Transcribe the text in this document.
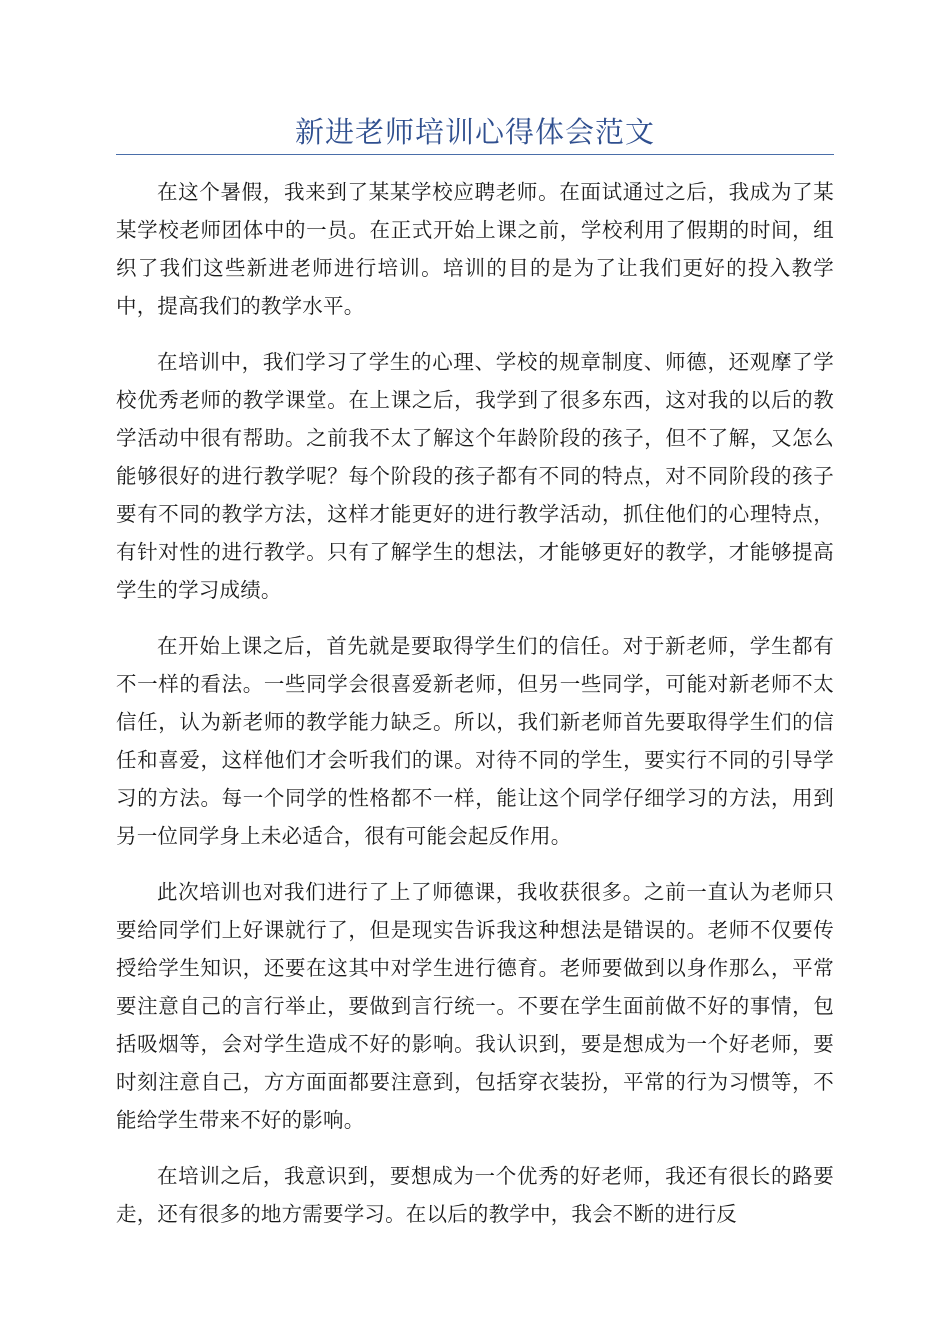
新进老师培训心得体会范文

在这个暑假，我来到了某某学校应聘老师。在面试通过之后，我成为了某某学校老师团体中的一员。在正式开始上课之前，学校利用了假期的时间，组织了我们这些新进老师进行培训。培训的目的是为了让我们更好的投入教学中，提高我们的教学水平。

在培训中，我们学习了学生的心理、学校的规章制度、师德，还观摩了学校优秀老师的教学课堂。在上课之后，我学到了很多东西，这对我的以后的教学活动中很有帮助。之前我不太了解这个年龄阶段的孩子，但不了解，又怎么能够很好的进行教学呢？每个阶段的孩子都有不同的特点，对不同阶段的孩子要有不同的教学方法，这样才能更好的进行教学活动，抓住他们的心理特点，有针对性的进行教学。只有了解学生的想法，才能够更好的教学，才能够提高学生的学习成绩。

在开始上课之后，首先就是要取得学生们的信任。对于新老师，学生都有不一样的看法。一些同学会很喜爱新老师，但另一些同学，可能对新老师不太信任，认为新老师的教学能力缺乏。所以，我们新老师首先要取得学生们的信任和喜爱，这样他们才会听我们的课。对待不同的学生，要实行不同的引导学习的方法。每一个同学的性格都不一样，能让这个同学仔细学习的方法，用到另一位同学身上未必适合，很有可能会起反作用。

此次培训也对我们进行了上了师德课，我收获很多。之前一直认为老师只要给同学们上好课就行了，但是现实告诉我这种想法是错误的。老师不仅要传授给学生知识，还要在这其中对学生进行德育。老师要做到以身作那么，平常要注意自己的言行举止，要做到言行统一。不要在学生面前做不好的事情，包括吸烟等，会对学生造成不好的影响。我认识到，要是想成为一个好老师，要时刻注意自己，方方面面都要注意到，包括穿衣装扮，平常的行为习惯等，不能给学生带来不好的影响。

在培训之后，我意识到，要想成为一个优秀的好老师，我还有很长的路要走，还有很多的地方需要学习。在以后的教学中，我会不断的进行反
